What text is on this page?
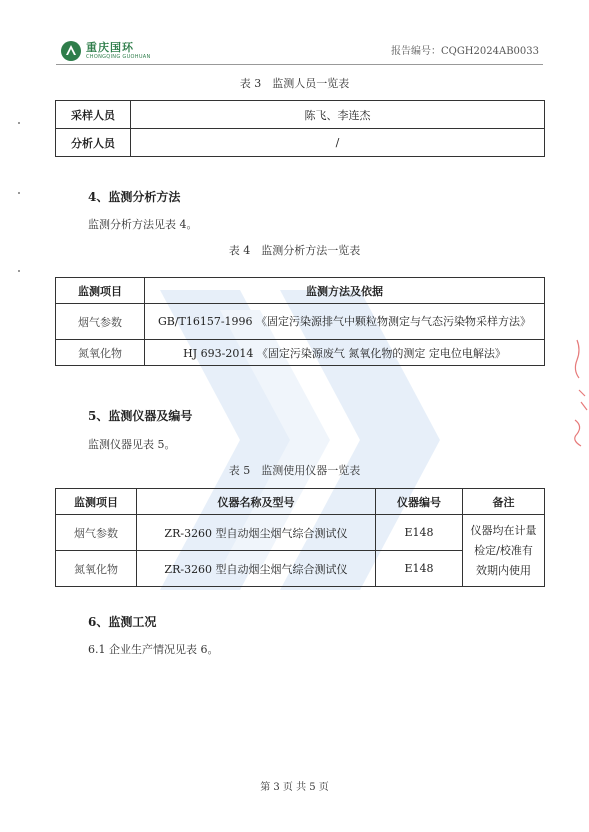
重庆国环
CHONGQING GUOHUAN	报告编号：CQGH2024AB0033
表 3　监测人员一览表
采样人员	陈飞、李连杰
分析人员	/
4、监测分析方法
监测分析方法见表 4。
表 4　监测分析方法一览表
监测项目	监测方法及依据
烟气参数	GB/T16157-1996 《固定污染源排气中颗粒物测定与气态污染物采样方法》
氮氧化物	HJ 693-2014 《固定污染源废气 氮氧化物的测定 定电位电解法》
5、监测仪器及编号
监测仪器见表 5。
表 5　监测使用仪器一览表
监测项目	仪器名称及型号	仪器编号	备注
烟气参数	ZR-3260 型自动烟尘烟气综合测试仪	E148	仪器均在计量检定/校准有效期内使用
氮氧化物	ZR-3260 型自动烟尘烟气综合测试仪	E148	
6、监测工况
6.1 企业生产情况见表 6。
第 3 页 共 5 页
